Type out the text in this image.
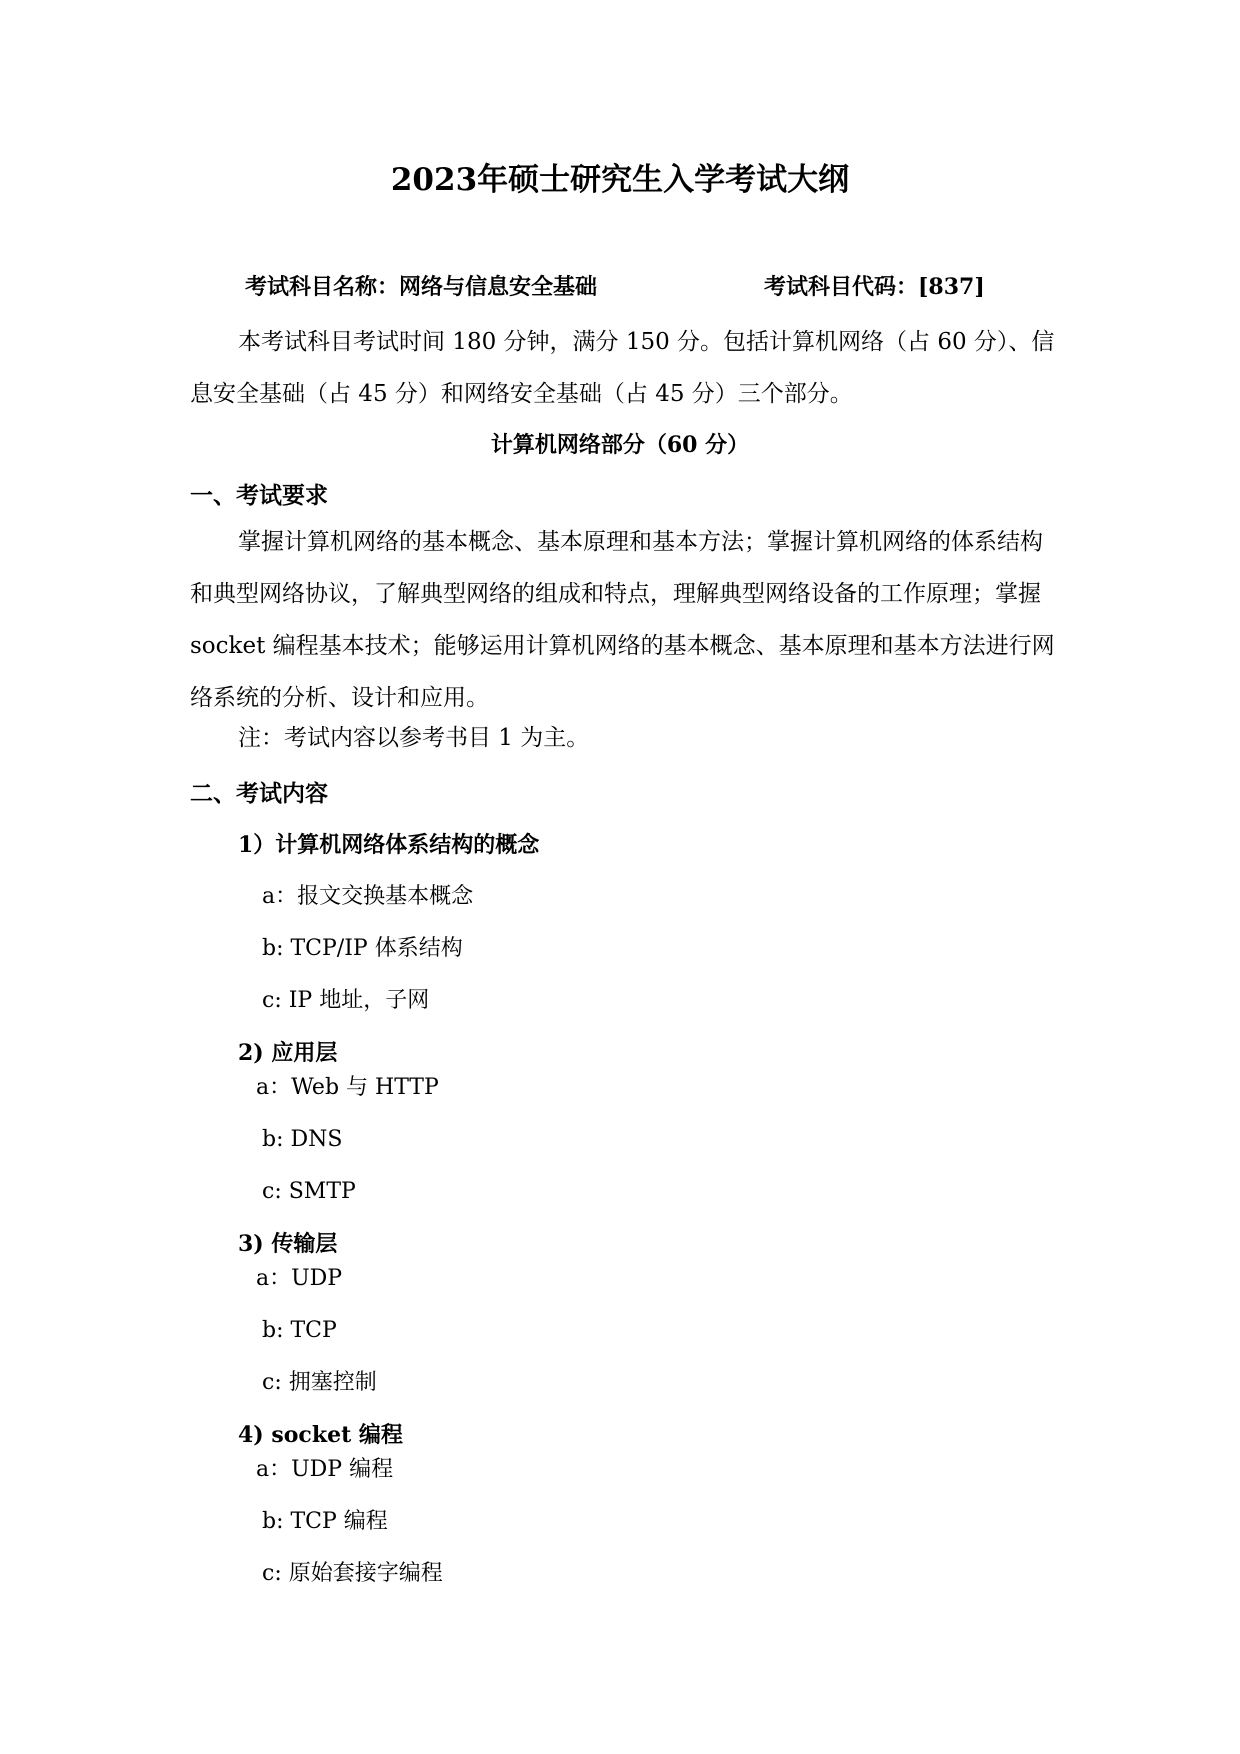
2023年硕士研究生入学考试大纲
考试科目名称：网络与信息安全基础	考试科目代码：[837]
本考试科目考试时间 180 分钟，满分 150 分。包括计算机网络（占 60 分）、信息安全基础（占 45 分）和网络安全基础（占 45 分）三个部分。
计算机网络部分（60 分）
一、考试要求
掌握计算机网络的基本概念、基本原理和基本方法；掌握计算机网络的体系结构和典型网络协议，了解典型网络的组成和特点，理解典型网络设备的工作原理；掌握 socket 编程基本技术；能够运用计算机网络的基本概念、基本原理和基本方法进行网络系统的分析、设计和应用。
注：考试内容以参考书目 1 为主。
二、考试内容
1）计算机网络体系结构的概念
a：报文交换基本概念
b: TCP/IP 体系结构
c: IP 地址，子网
2) 应用层
a：Web 与 HTTP
b: DNS
c: SMTP
3) 传输层
a：UDP
b: TCP
c: 拥塞控制
4) socket 编程
a：UDP 编程
b: TCP 编程
c: 原始套接字编程
